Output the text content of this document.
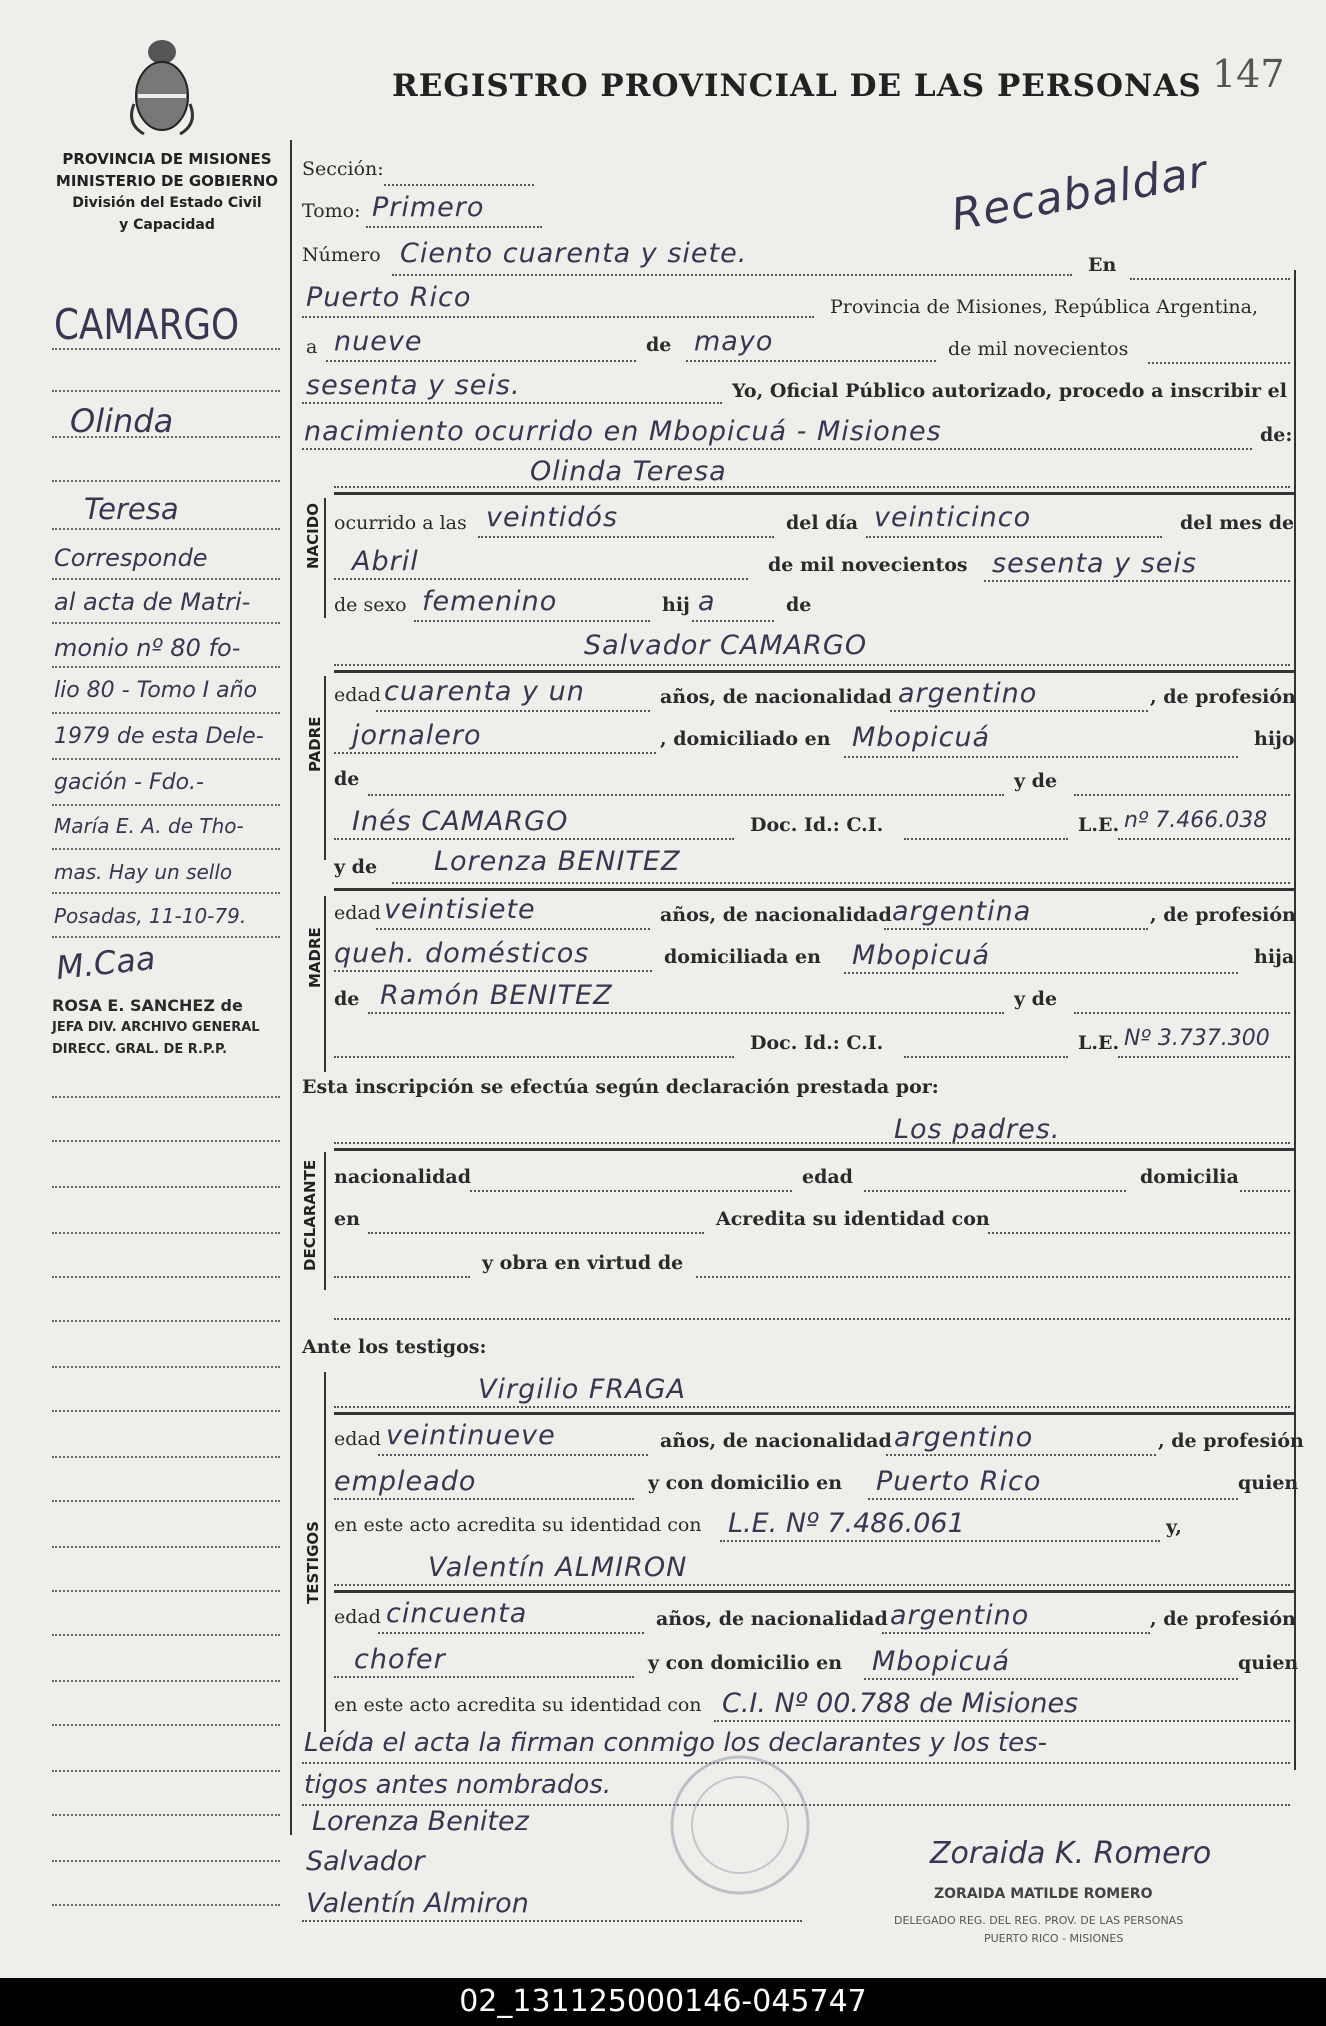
PROVINCIA DE MISIONES
MINISTERIO DE GOBIERNO
División del Estado Civil
y Capacidad
REGISTRO PROVINCIAL DE LAS PERSONAS 147
Recabaldar
Sección:
Tomo: Primero
Número Ciento cuarenta y siete.	En
Puerto Rico	Provincia de Misiones, República Argentina,
a nueve	de mayo	de mil novecientos
sesenta y seis.	Yo, Oficial Público autorizado, procedo a inscribir el
nacimiento ocurrido en Mbopicuá - Misiones	de:
Olinda Teresa
NACIDO ocurrido a las veintidós	del día veinticinco	del mes de
Abril	de mil novecientos sesenta y seis
de sexo femenino	hij a	de
Salvador CAMARGO
PADRE
edad cuarenta y un	años, de nacionalidad argentino	, de profesión
jornalero	, domiciliado en Mbopicuá	hijo
de	y de
Inés CAMARGO	Doc. Id.: C.I.	L.E. nº 7.466.038
y de Lorenza BENITEZ
MADRE
edad veintisiete	años, de nacionalidad argentina	, de profesión
queh. domésticos	domiciliada en Mbopicuá	hija
de Ramón BENITEZ	y de
Doc. Id.: C.I.	L.E. Nº 3.737.300
Esta inscripción se efectúa según declaración prestada por:
Los padres.
DECLARANTE nacionalidad	edad	domicilia
en	Acredita su identidad con
y obra en virtud de
Ante los testigos:
TESTIGOS
Virgilio FRAGA
edad veintinueve	años, de nacionalidad argentino	, de profesión
empleado	y con domicilio en Puerto Rico	quien
en este acto acredita su identidad con L.E. Nº 7.486.061	y,
Valentín ALMIRON
edad cincuenta	años, de nacionalidad argentino	, de profesión
chofer	y con domicilio en Mbopicuá	quien
en este acto acredita su identidad con C.I. Nº 00.788 de Misiones
Leída el acta la firman conmigo los declarantes y los tes-
tigos antes nombrados.
Lorenza Benitez
Salvador
Valentín Almiron
Zoraida K. Romero
ZORAIDA MATILDE ROMERO
DELEGADO REG. DEL REG. PROV. DE LAS PERSONAS
PUERTO RICO - MISIONES
CAMARGO
Olinda
Teresa
Corresponde
al acta de Matri-
monio nº 80 fo-
lio 80 - Tomo I año
1979 de esta Dele-
gación - Fdo.-
María E. A. de Tho-
mas. Hay un sello
Posadas, 11-10-79.
M.Caa
ROSA E. SANCHEZ de
JEFA DIV. ARCHIVO GENERAL
DIRECC. GRAL. DE R.P.P.
02_131125000146-045747
